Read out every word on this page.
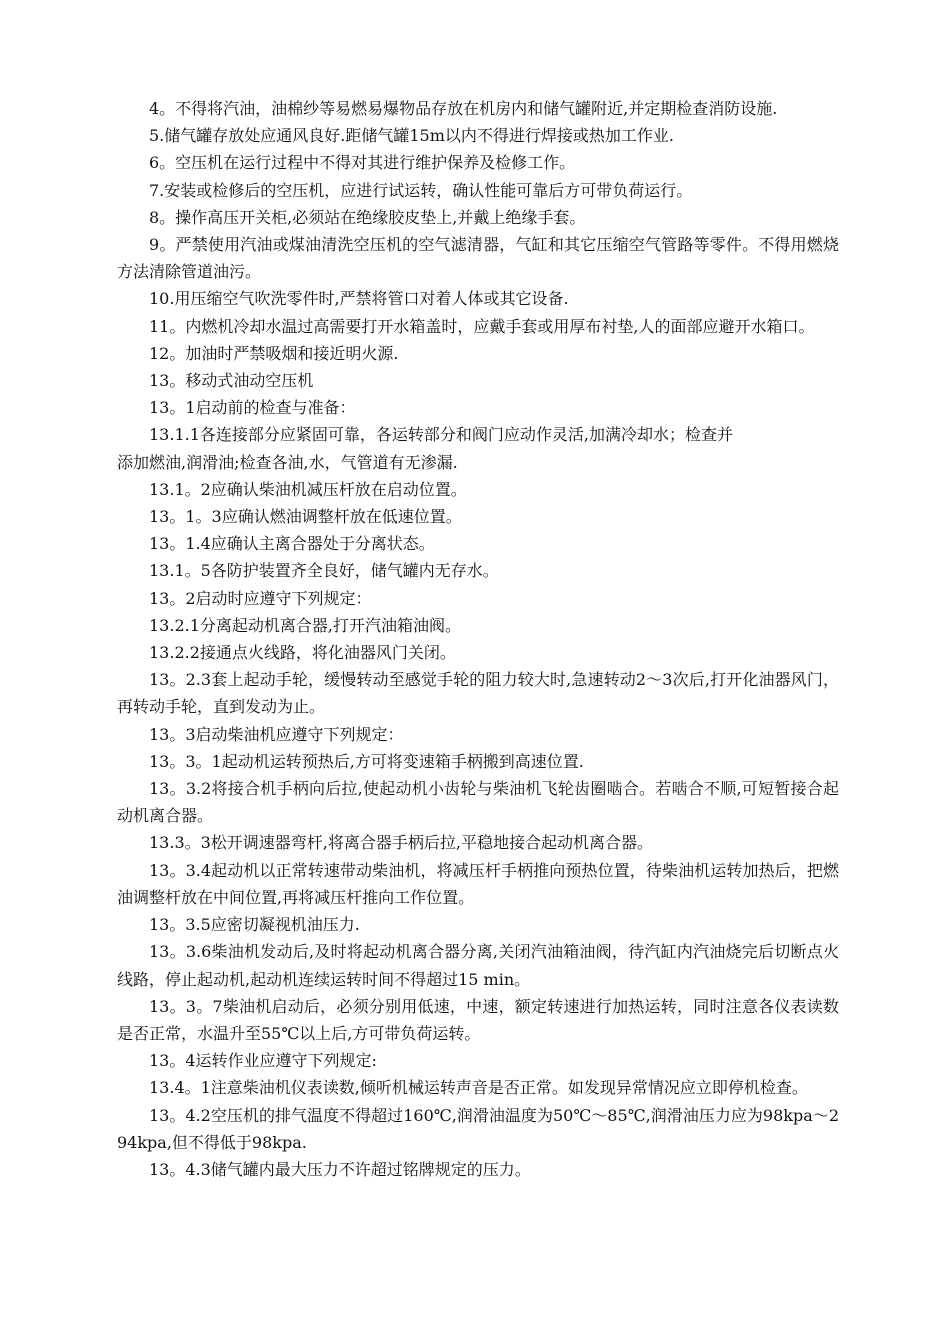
4。不得将汽油，油棉纱等易燃易爆物品存放在机房内和储气罐附近,并定期检查消防设施.

5.储气罐存放处应通风良好.距储气罐15m以内不得进行焊接或热加工作业.

6。空压机在运行过程中不得对其进行维护保养及检修工作。

7.安装或检修后的空压机，应进行试运转，确认性能可靠后方可带负荷运行。

8。操作高压开关柜,必须站在绝缘胶皮垫上,并戴上绝缘手套。

9。严禁使用汽油或煤油清洗空压机的空气滤清器，气缸和其它压缩空气管路等零件。不得用燃烧方法清除管道油污。

10.用压缩空气吹洗零件时,严禁将管口对着人体或其它设备.

11。内燃机冷却水温过高需要打开水箱盖时，应戴手套或用厚布衬垫,人的面部应避开水箱口。

12。加油时严禁吸烟和接近明火源.

13。移动式油动空压机

13。1启动前的检查与准备：

13.1.1各连接部分应紧固可靠，各运转部分和阀门应动作灵活,加满冷却水；检查并

添加燃油,润滑油;检查各油,水，气管道有无渗漏.

13.1。2应确认柴油机减压杆放在启动位置。

13。1。3应确认燃油调整杆放在低速位置。

13。1.4应确认主离合器处于分离状态。

13.1。5各防护装置齐全良好，储气罐内无存水。

13。2启动时应遵守下列规定：

13.2.1分离起动机离合器,打开汽油箱油阀。

13.2.2接通点火线路，将化油器风门关闭。

13。2.3套上起动手轮，缓慢转动至感觉手轮的阻力较大时,急速转动2～3次后,打开化油器风门，再转动手轮，直到发动为止。

13。3启动柴油机应遵守下列规定：

13。3。1起动机运转预热后,方可将变速箱手柄搬到高速位置.

13。3.2将接合机手柄向后拉,使起动机小齿轮与柴油机飞轮齿圈啮合。若啮合不顺,可短暂接合起动机离合器。

13.3。3松开调速器弯杆,将离合器手柄后拉,平稳地接合起动机离合器。

13。3.4起动机以正常转速带动柴油机，将减压杆手柄推向预热位置，待柴油机运转加热后，把燃油调整杆放在中间位置,再将减压杆推向工作位置。

13。3.5应密切凝视机油压力.

13。3.6柴油机发动后,及时将起动机离合器分离,关闭汽油箱油阀，待汽缸内汽油烧完后切断点火线路，停止起动机,起动机连续运转时间不得超过15 min。

13。3。7柴油机启动后，必须分别用低速，中速，额定转速进行加热运转，同时注意各仪表读数是否正常，水温升至55℃以上后,方可带负荷运转。

13。4运转作业应遵守下列规定:

13.4。1注意柴油机仪表读数,倾听机械运转声音是否正常。如发现异常情况应立即停机检查。

13。4.2空压机的排气温度不得超过160℃,润滑油温度为50℃～85℃,润滑油压力应为98kpa～294kpa,但不得低于98kpa.

13。4.3储气罐内最大压力不许超过铭牌规定的压力。
